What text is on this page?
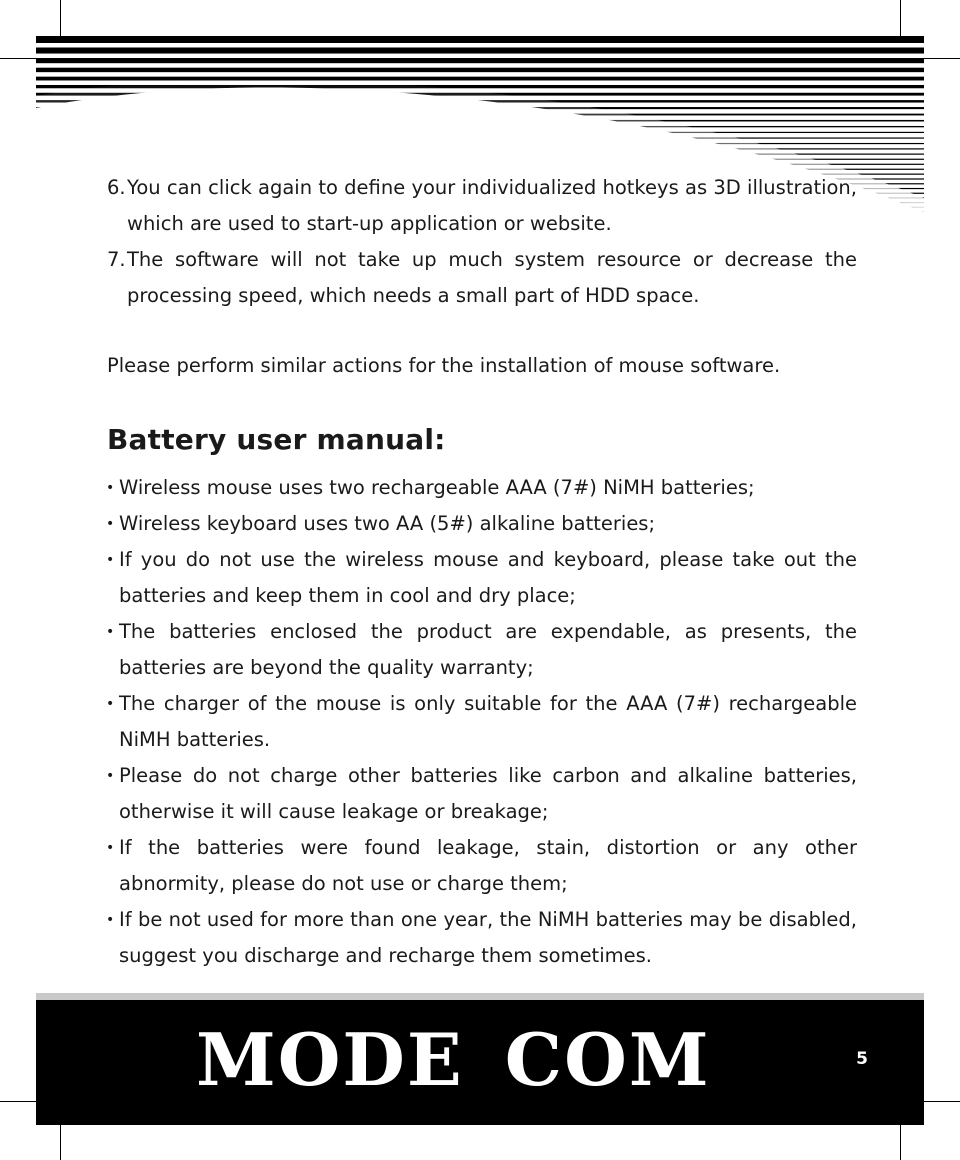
6. You can click again to define your individualized hotkeys as 3D illustration, which are used to start-up application or website.
7. The software will not take up much system resource or decrease the processing speed, which needs a small part of HDD space.

Please perform similar actions for the installation of mouse software.

Battery user manual:
• Wireless mouse uses two rechargeable AAA (7#) NiMH batteries;
• Wireless keyboard uses two AA (5#) alkaline batteries;
• If you do not use the wireless mouse and keyboard, please take out the batteries and keep them in cool and dry place;
• The batteries enclosed the product are expendable, as presents, the batteries are beyond the quality warranty;
• The charger of the mouse is only suitable for the AAA (7#) rechargeable NiMH batteries.
• Please do not charge other batteries like carbon and alkaline batteries, otherwise it will cause leakage or breakage;
• If the batteries were found leakage, stain, distortion or any other abnormity, please do not use or charge them;
• If be not used for more than one year, the NiMH batteries may be disabled, suggest you discharge and recharge them sometimes.
MODE COM	5
